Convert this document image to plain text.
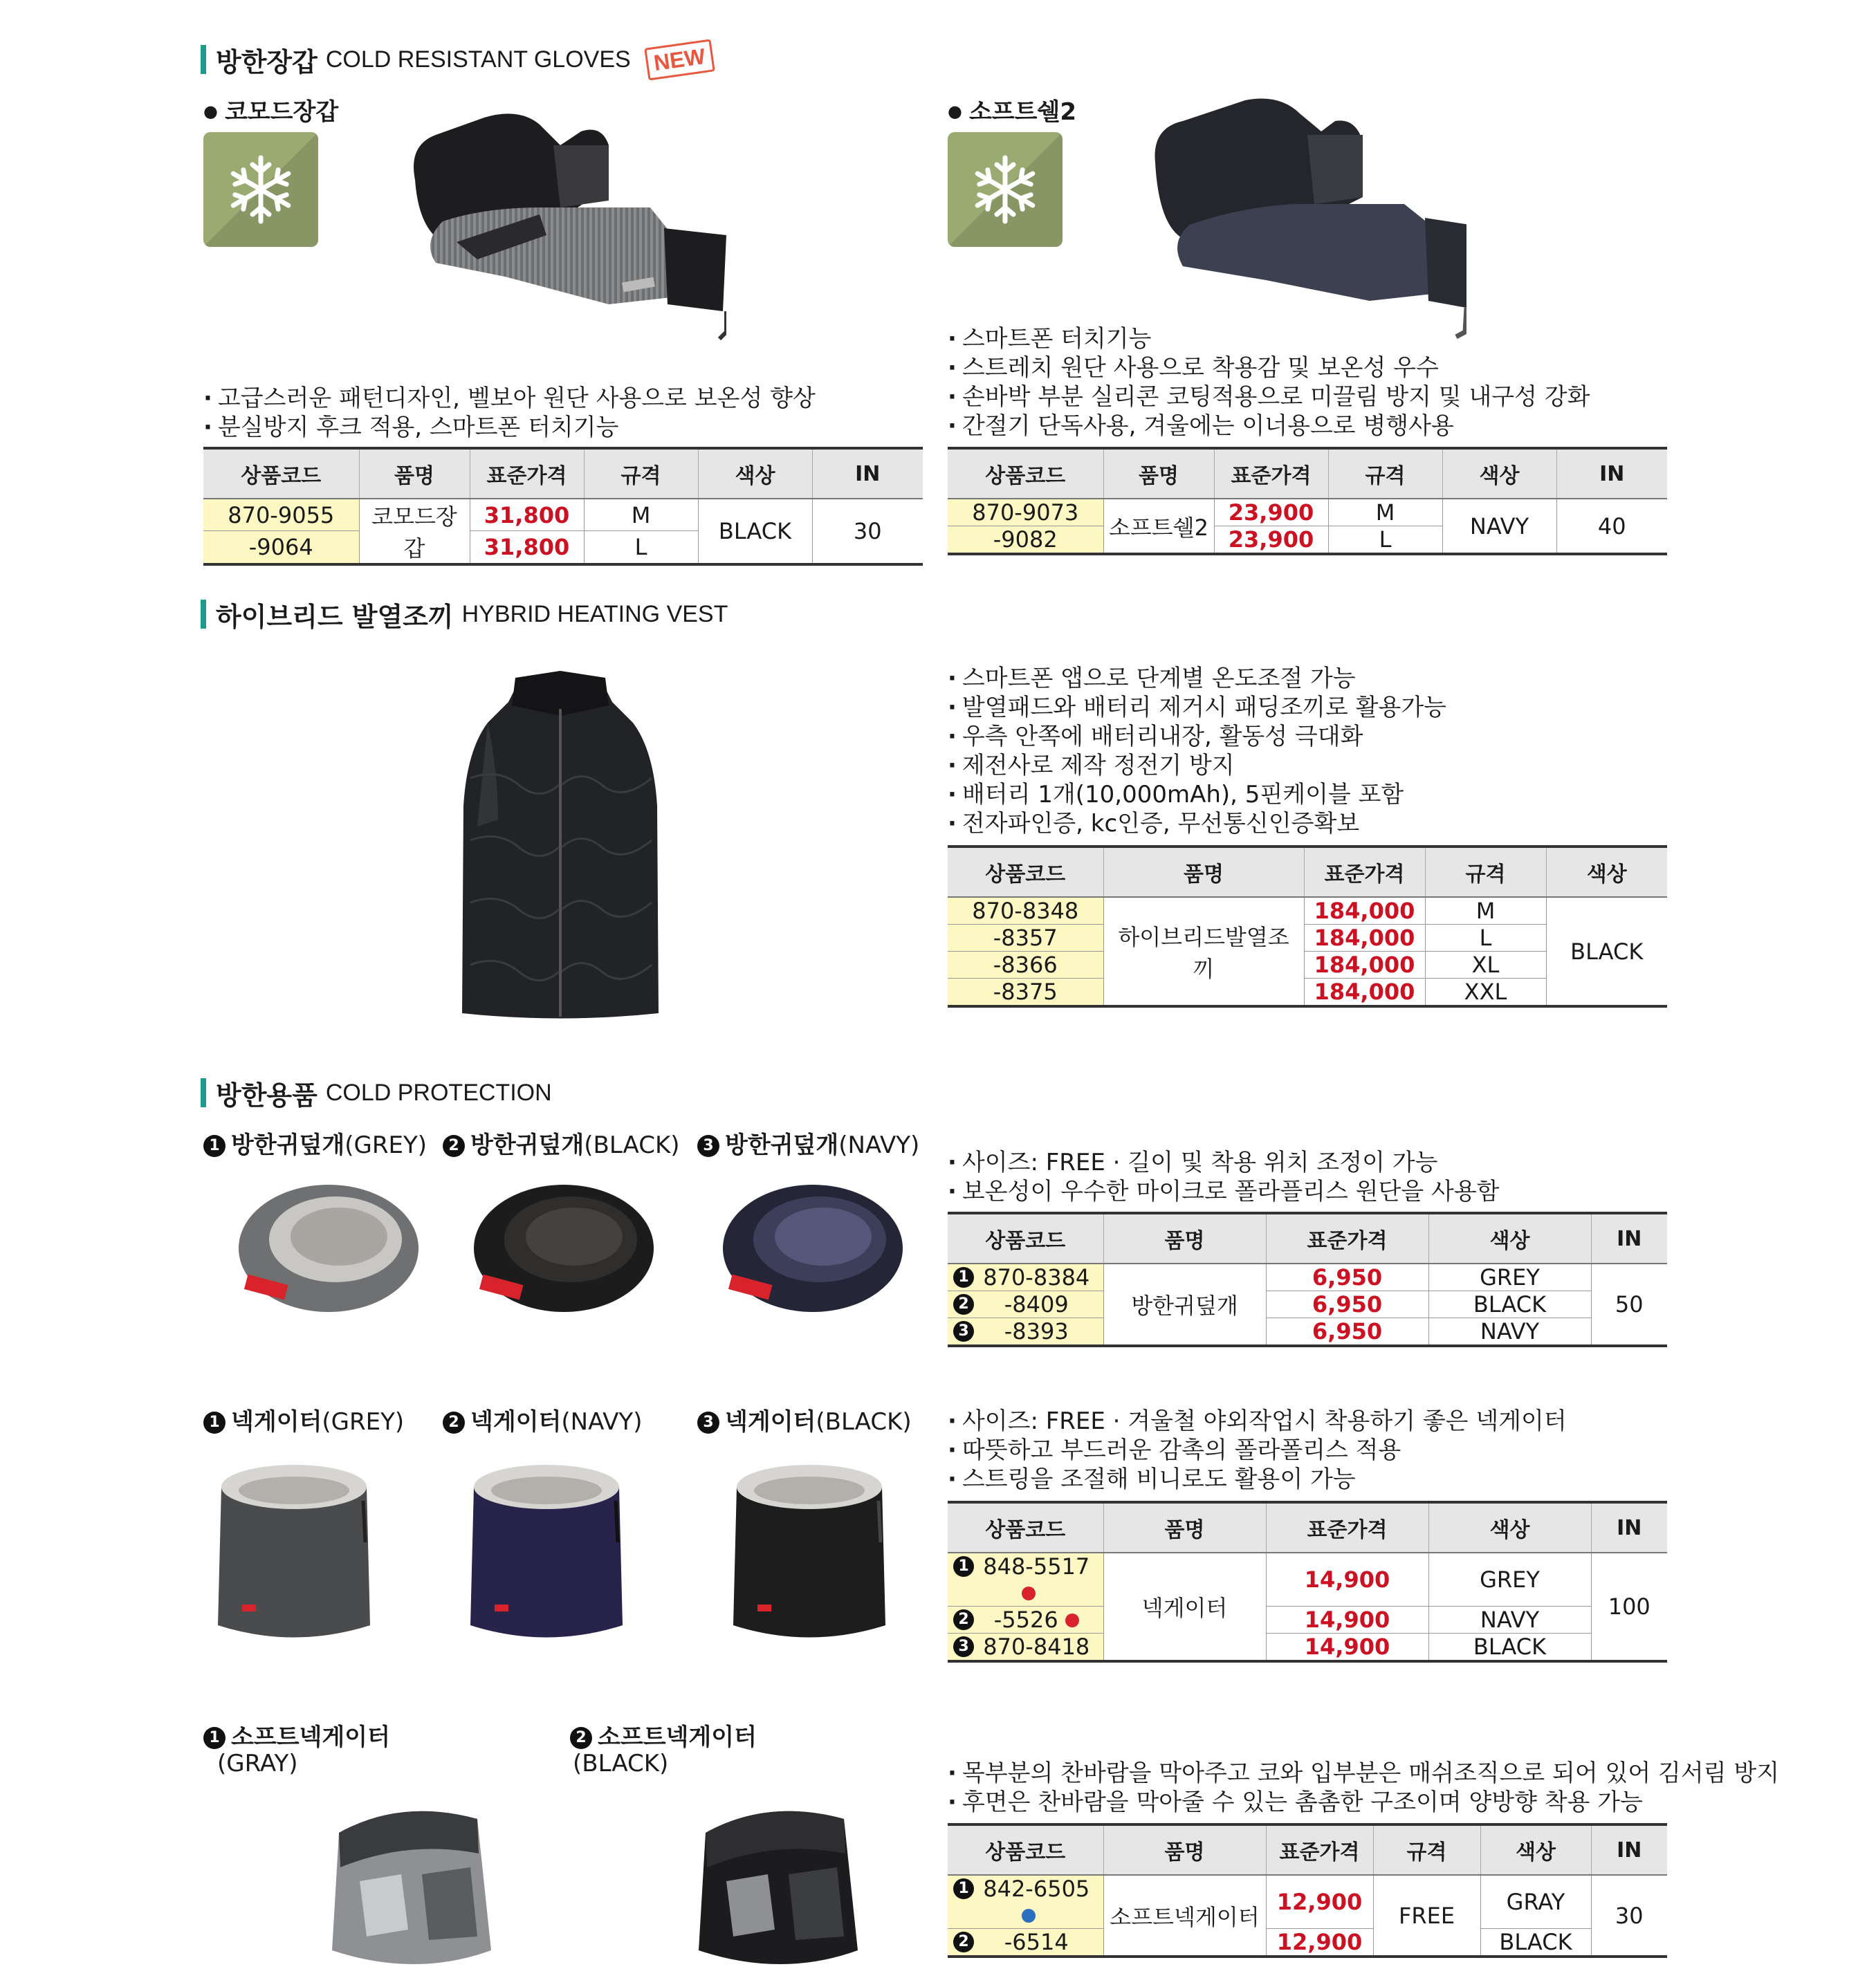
방한장갑 COLD RESISTANT GLOVES NEW
● 코모드장갑
· 고급스러운 패턴디자인, 벨보아 원단 사용으로 보온성 향상
· 분실방지 후크 적용, 스마트폰 터치기능
상품코드	품명	표준가격	규격	색상	IN
870-9055	코모드장갑	31,800	M	BLACK	30
-9064		31,800	L		
● 소프트쉘2
· 스마트폰 터치기능
· 스트레치 원단 사용으로 착용감 및 보온성 우수
· 손바박 부분 실리콘 코팅적용으로 미끌림 방지 및 내구성 강화
· 간절기 단독사용, 겨울에는 이너용으로 병행사용
상품코드	품명	표준가격	규격	색상	IN
870-9073	소프트쉘2	23,900	M	NAVY	40
-9082		23,900	L		
하이브리드 발열조끼 HYBRID HEATING VEST
· 스마트폰 앱으로 단계별 온도조절 가능
· 발열패드와 배터리 제거시 패딩조끼로 활용가능
· 우측 안쪽에 배터리내장, 활동성 극대화
· 제전사로 제작 정전기 방지
· 배터리 1개(10,000mAh), 5핀케이블 포함
· 전자파인증, kc인증, 무선통신인증확보
상품코드	품명	표준가격	규격	색상
870-8348	하이브리드발열조끼	184,000	M	BLACK
-8357		184,000	L	
-8366		184,000	XL	
-8375		184,000	XXL	
방한용품 COLD PROTECTION
1 방한귀덮개(GREY)	2 방한귀덮개(BLACK)	3 방한귀덮개(NAVY)
· 사이즈: FREE · 길이 및 착용 위치 조정이 가능
· 보온성이 우수한 마이크로 폴라플리스 원단을 사용함
상품코드	품명	표준가격	색상	IN

1 870-8384	방한귀덮개	6,950	GREY	50

2 -8409		6,950	BLACK	

3 -8393		6,950	NAVY	
1 넥게이터(GREY)	2 넥게이터(NAVY)	3 넥게이터(BLACK)	· 사이즈: FREE · 겨울철 야외작업시 착용하기 좋은 넥게이터
· 따뜻하고 부드러운 감촉의 폴라폴리스 적용
· 스트링을 조절해 비니로도 활용이 가능
상품코드	품명	표준가격	색상	IN

1 848-5517	넥게이터	14,900	GREY	100

2 -5526		14,900	NAVY	

3 870-8418		14,900	BLACK	
1 소프트넥게이터
(GRAY)
2 소프트넥게이터
(BLACK)	· 목부분의 찬바람을 막아주고 코와 입부분은 매쉬조직으로 되어 있어 김서림 방지
· 후면은 찬바람을 막아줄 수 있는 촘촘한 구조이며 양방향 착용 가능
상품코드	품명	표준가격	규격	색상	IN

1 842-6505	소프트넥게이터	12,900	FREE	GRAY	30

2 -6514		12,900		BLACK	
